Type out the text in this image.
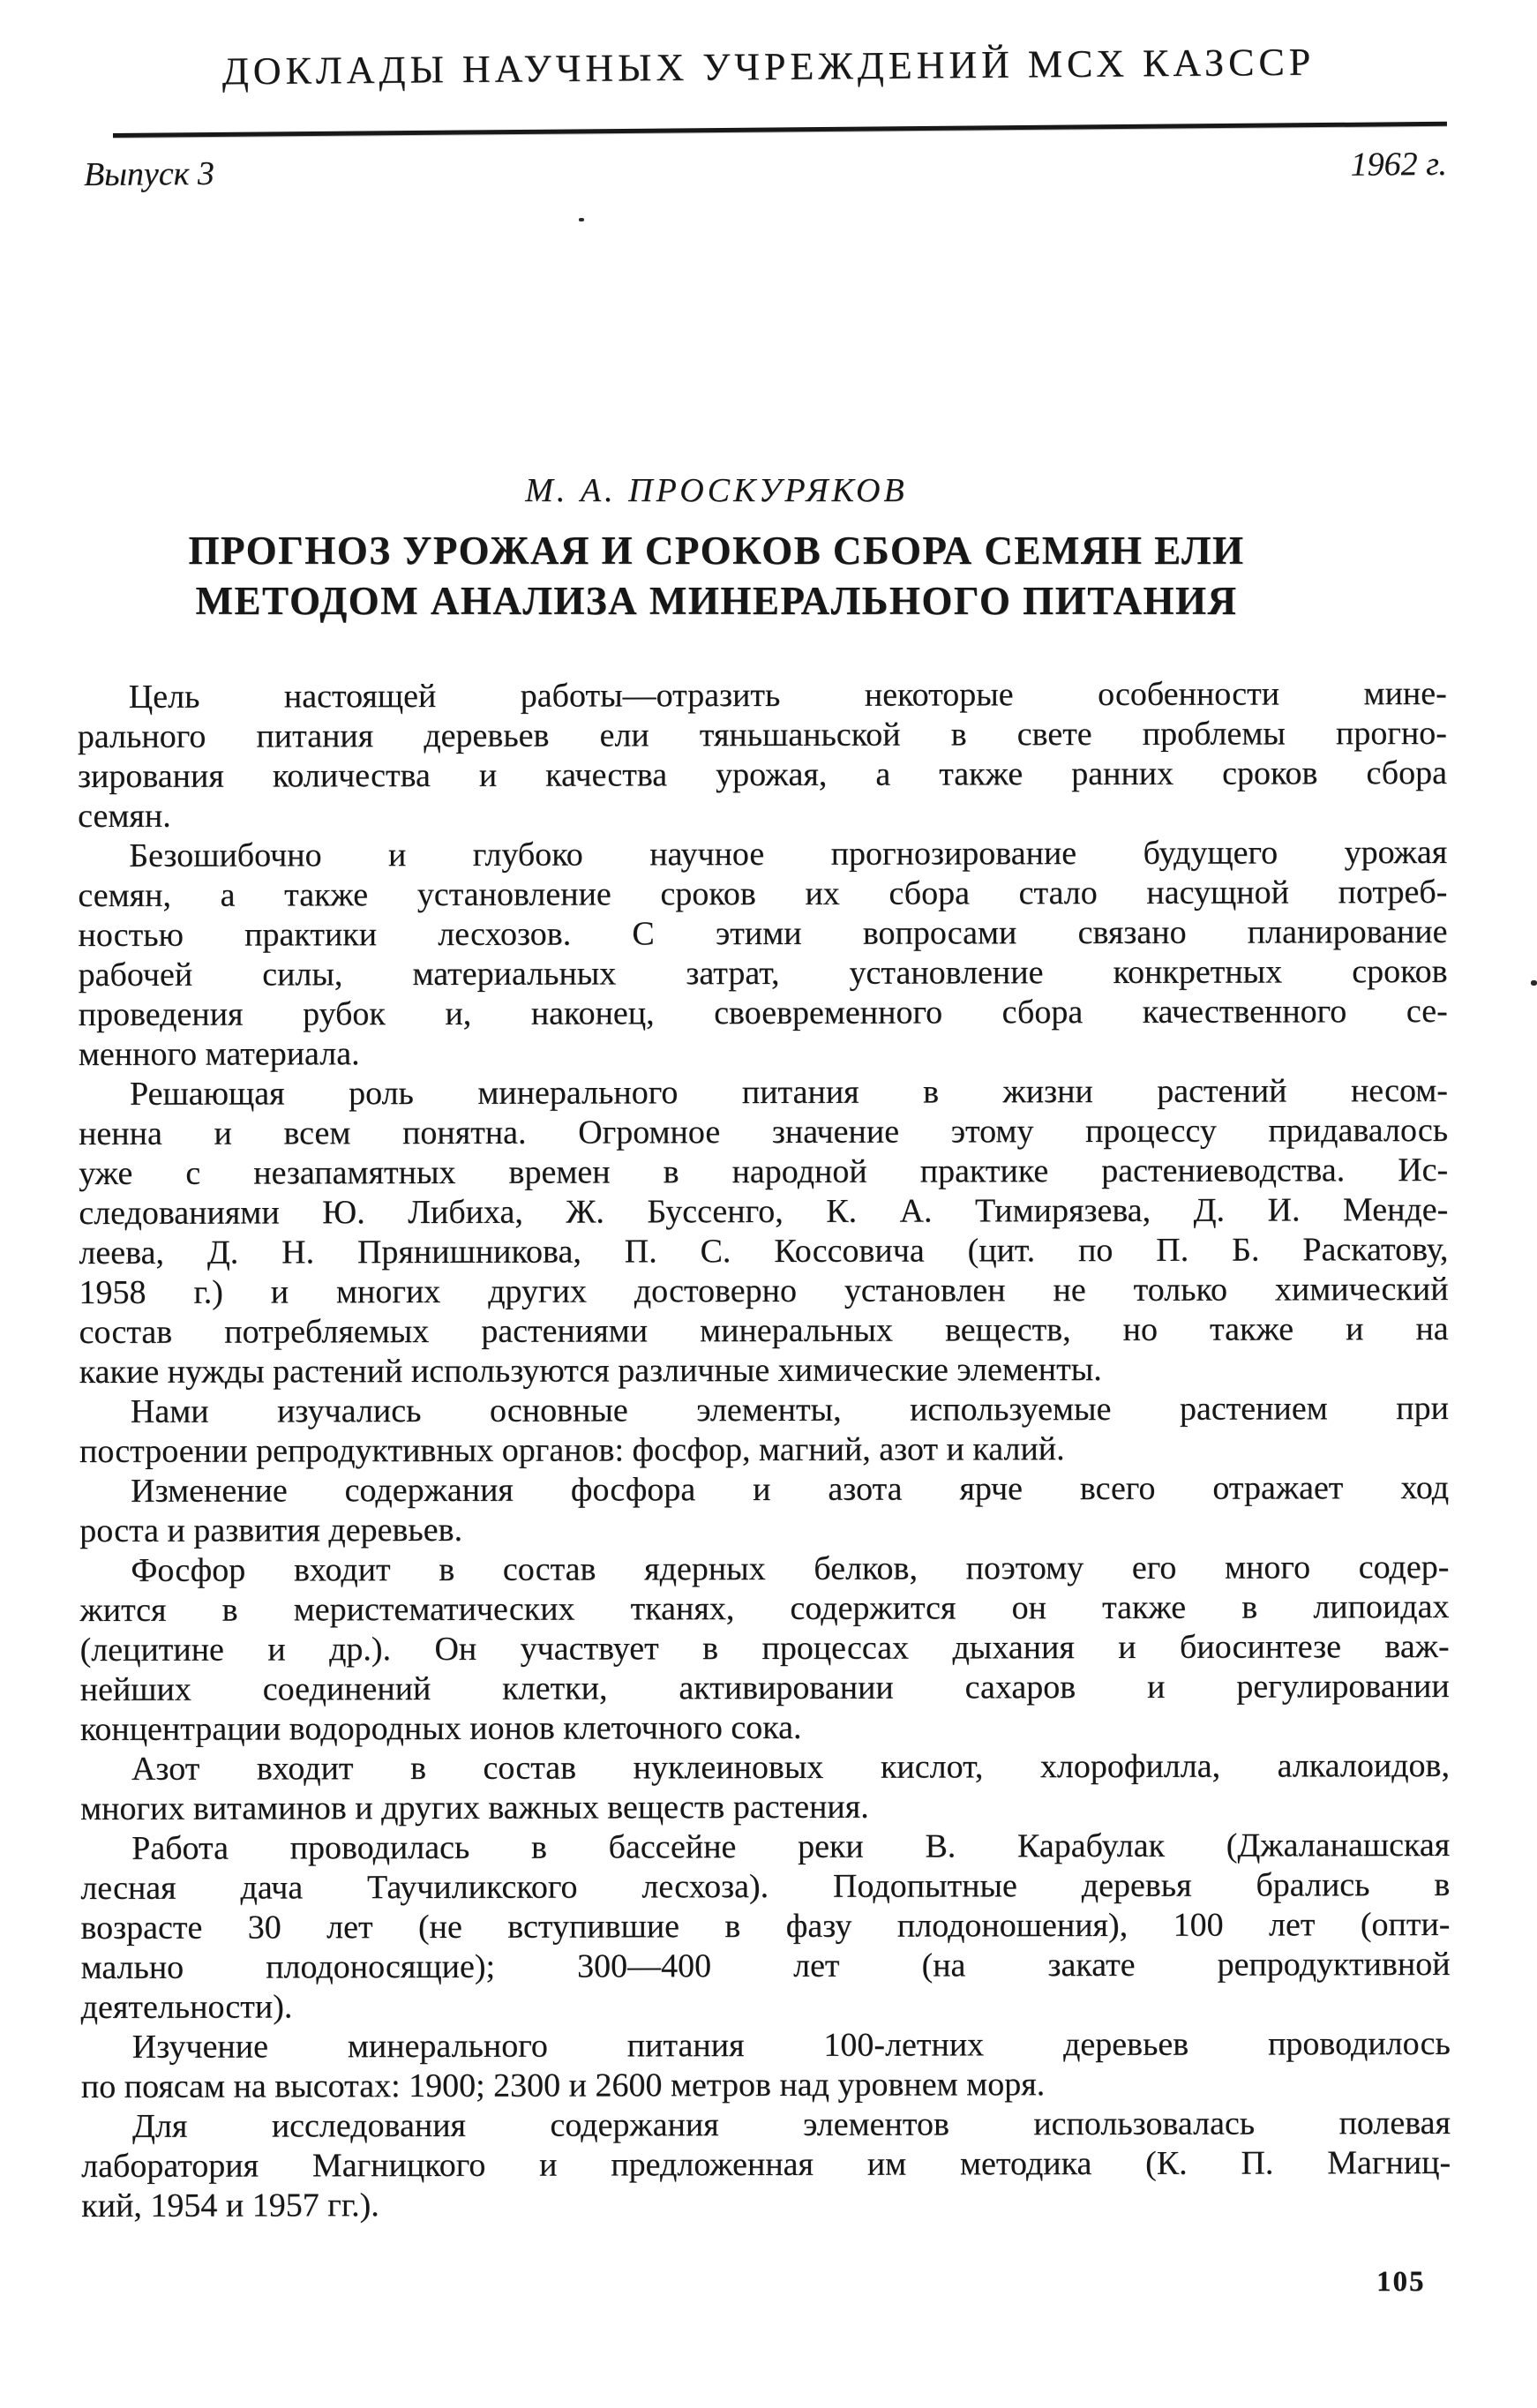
ДОКЛАДЫ НАУЧНЫХ УЧРЕЖДЕНИЙ МСХ КАЗССР
Выпуск 3	1962 г.
М. А. ПРОСКУРЯКОВ
ПРОГНОЗ УРОЖАЯ И СРОКОВ СБОРА СЕМЯН ЕЛИ
МЕТОДОМ АНАЛИЗА МИНЕРАЛЬНОГО ПИТАНИЯ
Цель настоящей работы—отразить некоторые особенности мине-
рального питания деревьев ели тяньшаньской в свете проблемы прогно-
зирования количества и качества урожая, а также ранних сроков сбора
семян.
Безошибочно и глубоко научное прогнозирование будущего урожая
семян, а также установление сроков их сбора стало насущной потреб-
ностью практики лесхозов. С этими вопросами связано планирование
рабочей силы, материальных затрат, установление конкретных сроков
проведения рубок и, наконец, своевременного сбора качественного се-
менного материала.
Решающая роль минерального питания в жизни растений несом-
ненна и всем понятна. Огромное значение этому процессу придавалось
уже с незапамятных времен в народной практике растениеводства. Ис-
следованиями Ю. Либиха, Ж. Буссенго, К. А. Тимирязева, Д. И. Менде-
леева, Д. Н. Прянишникова, П. С. Коссовича (цит. по П. Б. Раскатову,
1958 г.) и многих других достоверно установлен не только химический
состав потребляемых растениями минеральных веществ, но также и на
какие нужды растений используются различные химические элементы.
Нами изучались основные элементы, используемые растением при
построении репродуктивных органов: фосфор, магний, азот и калий.
Изменение содержания фосфора и азота ярче всего отражает ход
роста и развития деревьев.
Фосфор входит в состав ядерных белков, поэтому его много содер-
жится в меристематических тканях, содержится он также в липоидах
(лецитине и др.). Он участвует в процессах дыхания и биосинтезе важ-
нейших соединений клетки, активировании сахаров и регулировании
концентрации водородных ионов клеточного сока.
Азот входит в состав нуклеиновых кислот, хлорофилла, алкалоидов,
многих витаминов и других важных веществ растения.
Работа проводилась в бассейне реки В. Карабулак (Джаланашская
лесная дача Таучиликского лесхоза). Подопытные деревья брались в
возрасте 30 лет (не вступившие в фазу плодоношения), 100 лет (опти-
мально плодоносящие); 300—400 лет (на закате репродуктивной
деятельности).
Изучение минерального питания 100-летних деревьев проводилось
по поясам на высотах: 1900; 2300 и 2600 метров над уровнем моря.
Для исследования содержания элементов использовалась полевая
лаборатория Магницкого и предложенная им методика (К. П. Магниц-
кий, 1954 и 1957 гг.).
105
